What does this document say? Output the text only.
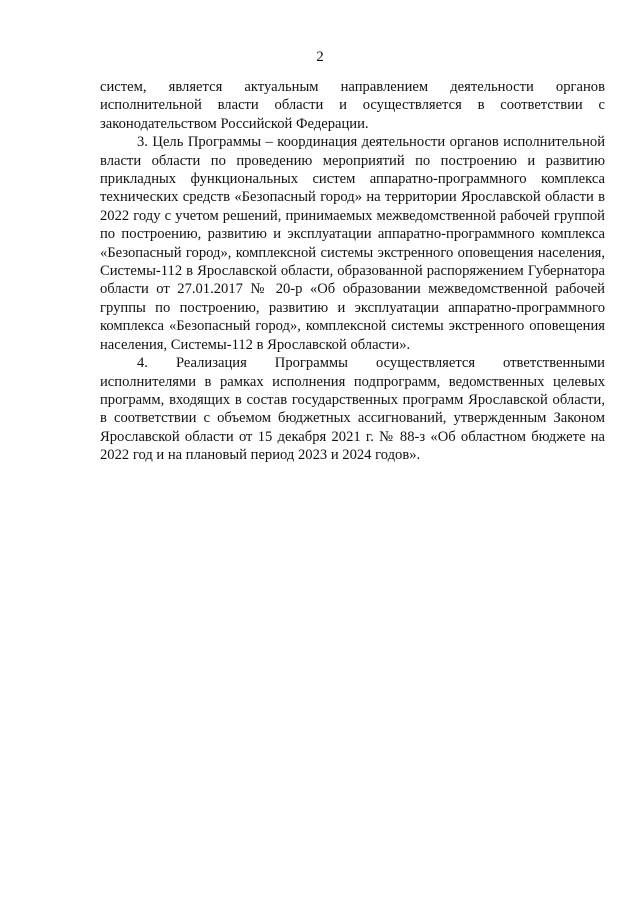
2

систем, является актуальным направлением деятельности органов исполнительной власти области и осуществляется в соответствии с законодательством Российской Федерации.

3. Цель Программы – координация деятельности органов исполнительной власти области по проведению мероприятий по построению и развитию прикладных функциональных систем аппаратно-программного комплекса технических средств «Безопасный город» на территории Ярославской области в 2022 году с учетом решений, принимаемых межведомственной рабочей группой по построению, развитию и эксплуатации аппаратно-программного комплекса «Безопасный город», комплексной системы экстренного оповещения населения, Системы-112 в Ярославской области, образованной распоряжением Губернатора области от 27.01.2017 № 20-р «Об образовании межведомственной рабочей группы по построению, развитию и эксплуатации аппаратно-программного комплекса «Безопасный город», комплексной системы экстренного оповещения населения, Системы-112 в Ярославской области».

4. Реализация Программы осуществляется ответственными исполнителями в рамках исполнения подпрограмм, ведомственных целевых программ, входящих в состав государственных программ Ярославской области, в соответствии с объемом бюджетных ассигнований, утвержденным Законом Ярославской области от 15 декабря 2021 г. № 88-з «Об областном бюджете на 2022 год и на плановый период 2023 и 2024 годов».
